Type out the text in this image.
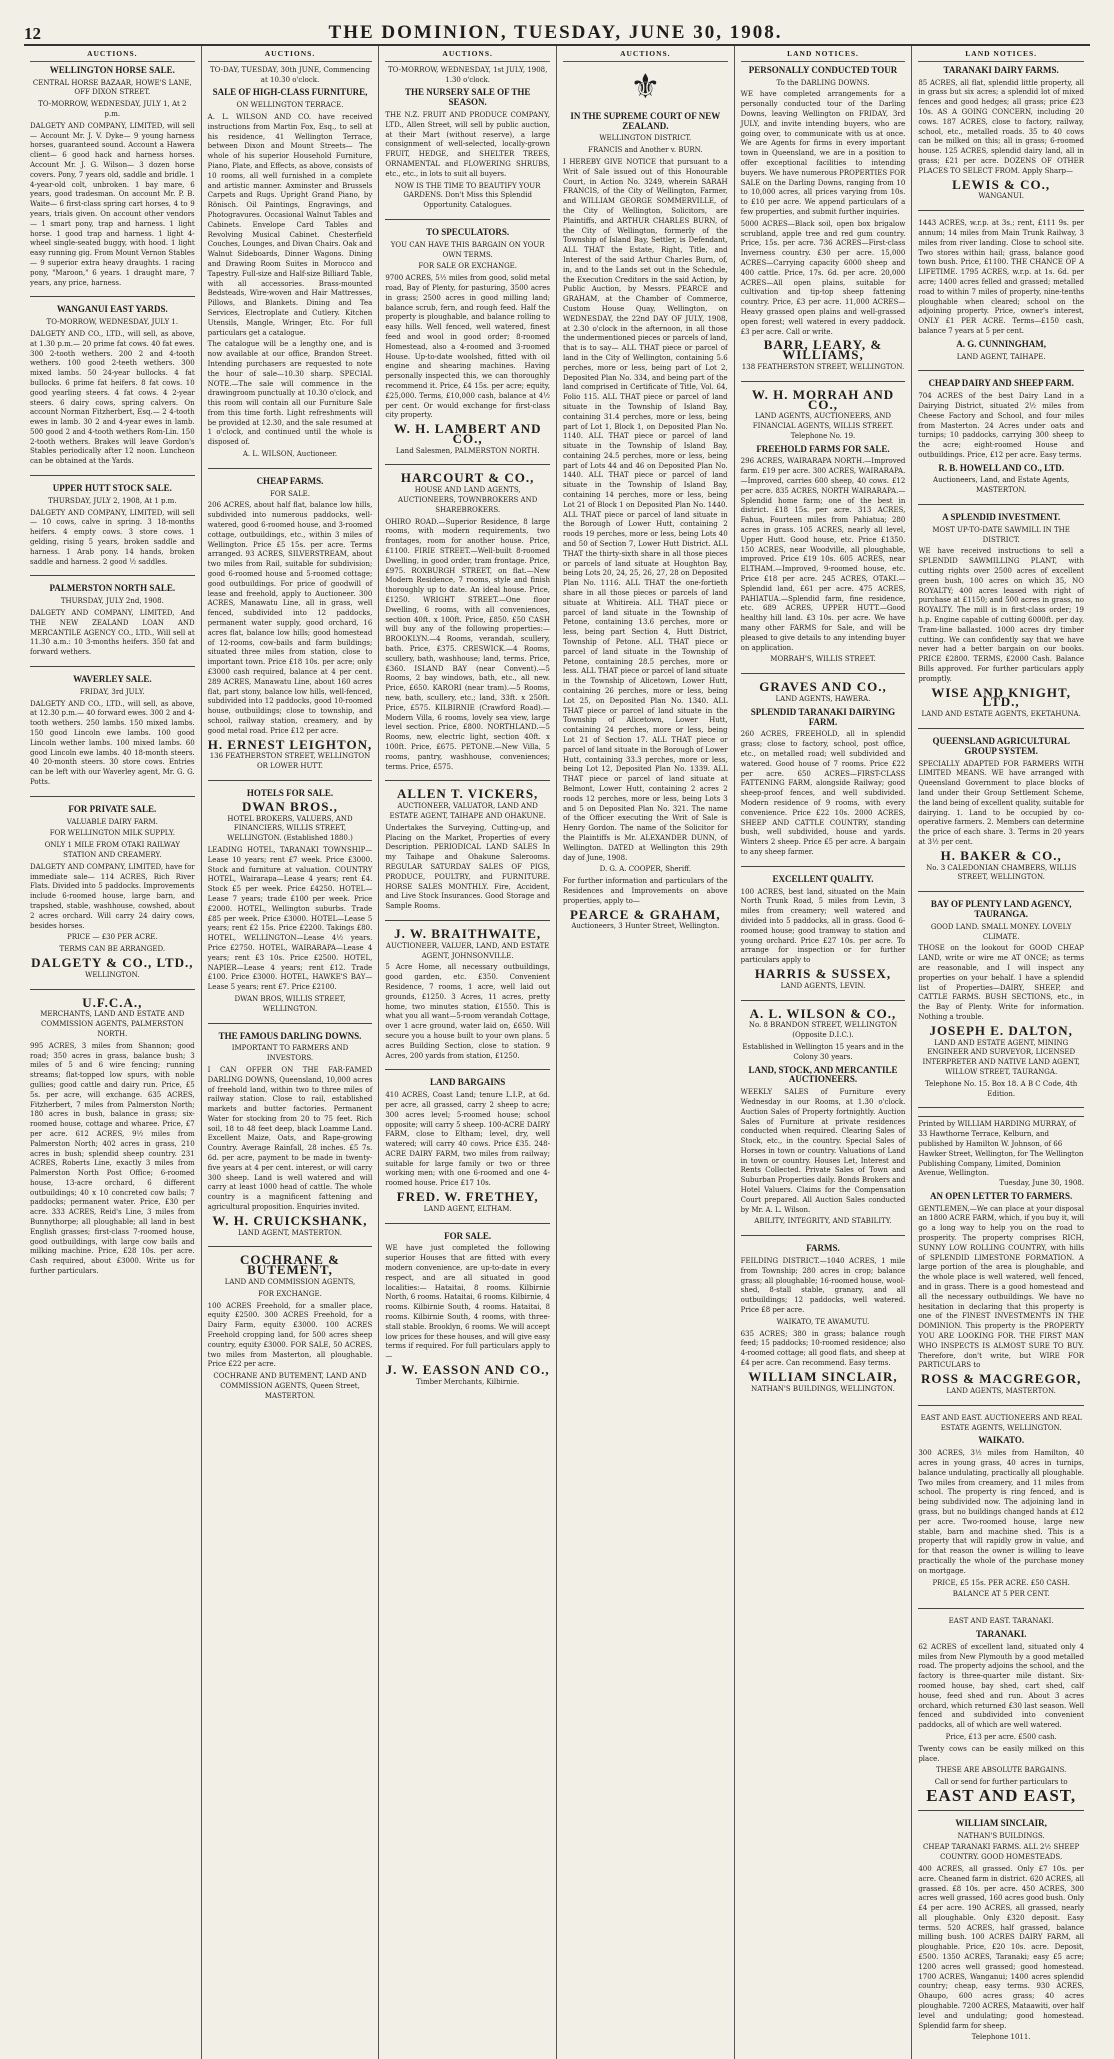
12	THE DOMINION, TUESDAY, JUNE 30, 1908.
AUCTIONS.
WELLINGTON HORSE SALE.
CENTRAL HORSE BAZAAR, HOWE'S LANE, OFF DIXON STREET.
TO-MORROW, WEDNESDAY, JULY 1, At 2 p.m.
DALGETY AND COMPANY, LIMITED, will sell— Account Mr. J. V. Dyke— 9 young harness horses, guaranteed sound. Account a Hawera client— 6 good hack and harness horses. Account Mr. J. G. Wilson— 3 dozen horse covers. Pony, 7 years old, saddle and bridle. 1 4-year-old colt, unbroken. 1 bay mare, 6 years, good tradesman. On account Mr. P. B. Waite— 6 first-class spring cart horses, 4 to 9 years, trials given. On account other vendors— 1 smart pony, trap and harness. 1 light horse. 1 good trap and harness. 1 light 4-wheel single-seated buggy, with hood. 1 light easy running gig. From Mount Vernon Stables— 9 superior extra heavy draughts. 1 racing pony, "Maroon," 6 years. 1 draught mare, 7 years, any price, harness.
WANGANUI EAST YARDS.
TO-MORROW, WEDNESDAY, JULY 1.
DALGETY AND CO., LTD., will sell, as above, at 1.30 p.m.— 20 prime fat cows. 40 fat ewes. 300 2-tooth wethers. 200 2 and 4-tooth wethers. 100 good 2-teeth wethers. 300 mixed lambs. 50 24-year bullocks. 4 fat bullocks. 6 prime fat heifers. 8 fat cows. 10 good yearling steers. 4 fat cows. 4 2-year steers. 6 dairy cows, spring calvers. On account Norman Fitzherbert, Esq.— 2 4-tooth ewes in lamb. 30 2 and 4-year ewes in lamb. 500 good 2 and 4-tooth wethers Rom-Lin. 150 2-tooth wethers. Brakes will leave Gordon's Stables periodically after 12 noon. Luncheon can be obtained at the Yards.
UPPER HUTT STOCK SALE.
THURSDAY, JULY 2, 1908, At 1 p.m.
DALGETY AND COMPANY, LIMITED, will sell— 10 cows, calve in spring. 3 18-months heifers. 4 empty cows. 3 store cows. 1 gelding, rising 5 years, broken saddle and harness. 1 Arab pony. 14 hands, broken saddle and harness. 2 good ½ saddles.
PALMERSTON NORTH SALE.
THURSDAY, JULY 2nd, 1908.
DALGETY AND COMPANY, LIMITED, And THE NEW ZEALAND LOAN AND MERCANTILE AGENCY CO., LTD., Will sell at 11.30 a.m.: 10 3-months heifers. 350 fat and forward wethers.
WAVERLEY SALE.
FRIDAY, 3rd JULY.
DALGETY AND CO., LTD., will sell, as above, at 12.30 p.m.— 40 forward ewes. 300 2 and 4-tooth wethers. 250 lambs. 150 mixed lambs. 150 good Lincoln ewe lambs. 100 good Lincoln wether lambs. 100 mixed lambs. 60 good Lincoln ewe lambs. 40 18-month steers. 40 20-month steers. 30 store cows. Entries can be left with our Waverley agent, Mr. G. G. Potts.
FOR PRIVATE SALE.
VALUABLE DAIRY FARM.
FOR WELLINGTON MILK SUPPLY.
ONLY 1 MILE FROM OTAKI RAILWAY STATION AND CREAMERY.
DALGETY AND COMPANY, LIMITED, have for immediate sale— 114 ACRES, Rich River Flats. Divided into 5 paddocks. Improvements include 6-roomed house, large barn, and trapshed, stable, washhouse, cowshed, about 2 acres orchard. Will carry 24 dairy cows, besides horses.
PRICE — £30 PER ACRE.
TERMS CAN BE ARRANGED.
DALGETY & CO., LTD.,
WELLINGTON.
U.F.C.A.,
MERCHANTS, LAND AND ESTATE AND COMMISSION AGENTS, PALMERSTON NORTH.
995 ACRES, 3 miles from Shannon; good road; 350 acres in grass, balance bush; 3 miles of 5 and 6 wire fencing; running streams; flat-topped low spurs, with noble gullies; good cattle and dairy run. Price, £5 5s. per acre, will exchange. 635 ACRES, Fitzherbert, 7 miles from Palmerston North; 180 acres in bush, balance in grass; six-roomed house, cottage and wharee. Price, £7 per acre. 612 ACRES, 9½ miles from Palmerston North; 402 acres in grass, 210 acres in bush; splendid sheep country. 231 ACRES, Roberts Line, exactly 3 miles from Palmerston North Post Office; 6-roomed house, 13-acre orchard, 6 different outbuildings; 40 x 10 concreted cow bails; 7 paddocks; permanent water. Price, £30 per acre. 333 ACRES, Reid's Line, 3 miles from Bunnythorpe; all ploughable; all land in best English grasses; first-class 7-roomed house, good outbuildings, with large cow bails and milking machine. Price, £28 10s. per acre. Cash required, about £3000. Write us for further particulars.
AUCTIONS.
TO-DAY, TUESDAY, 30th JUNE, Commencing at 10.30 o'clock.
SALE OF HIGH-CLASS FURNITURE,
ON WELLINGTON TERRACE.
A. L. WILSON AND CO. have received instructions from Martin Fox, Esq., to sell at his residence, 41 Wellington Terrace, between Dixon and Mount Streets— The whole of his superior Household Furniture, Piano, Plate, and Effects, as above, consists of 10 rooms, all well furnished in a complete and artistic manner. Axminster and Brussels Carpets and Rugs. Upright Grand Piano, by Rönisch. Oil Paintings, Engravings, and Photogravures. Occasional Walnut Tables and Cabinets. Envelope Card Tables and Revolving Musical Cabinet. Chesterfield Couches, Lounges, and Divan Chairs. Oak and Walnut Sideboards, Dinner Wagons. Dining and Drawing Room Suites in Morocco and Tapestry. Full-size and Half-size Billiard Table, with all accessories. Brass-mounted Bedsteads, Wire-woven and Hair Mattresses, Pillows, and Blankets. Dining and Tea Services, Electroplate and Cutlery. Kitchen Utensils, Mangle, Wringer, Etc. For full particulars get a catalogue.
The catalogue will be a lengthy one, and is now available at our office, Brandon Street. Intending purchasers are requested to note the hour of sale—10.30 sharp. SPECIAL NOTE.—The sale will commence in the drawingroom punctually at 10.30 o'clock, and this room will contain all our Furniture Sale from this time forth. Light refreshments will be provided at 12.30, and the sale resumed at 1 o'clock, and continued until the whole is disposed of.
A. L. WILSON, Auctioneer.
CHEAP FARMS.
FOR SALE.
206 ACRES, about half flat, balance low hills, subdivided into numerous paddocks, well-watered, good 6-roomed house, and 3-roomed cottage, outbuildings, etc., within 3 miles of Wellington. Price £5 15s. per acre. Terms arranged. 93 ACRES, SILVERSTREAM, about two miles from Rail, suitable for subdivision; good 6-roomed house and 5-roomed cottage; good outbuildings. For price of goodwill of lease and freehold, apply to Auctioneer. 300 ACRES, Manawatu Line, all in grass, well fenced, subdivided into 12 paddocks, permanent water supply, good orchard, 16 acres flat, balance low hills; good homestead of 12-rooms, cow-bails and farm buildings; situated three miles from station, close to important town. Price £18 10s. per acre; only £3000 cash required, balance at 4 per cent. 289 ACRES, Manawatu Line, about 160 acres flat, part stony, balance low hills, well-fenced, subdivided into 12 paddocks, good 10-roomed house, outbuildings; close to township, and school, railway station, creamery, and by good metal road. Price £12 per acre.
H. ERNEST LEIGHTON,
136 FEATHERSTON STREET, WELLINGTON OR LOWER HUTT.
HOTELS FOR SALE.
DWAN BROS.,
HOTEL BROKERS, VALUERS, AND FINANCIERS, WILLIS STREET, WELLINGTON. (Established 1880.)
LEADING HOTEL, TARANAKI TOWNSHIP—Lease 10 years; rent £7 week. Price £3000. Stock and furniture at valuation. COUNTRY HOTEL, Wairarapa—Lease 4 years; rent £4. Stock £5 per week. Price £4250. HOTEL—Lease 7 years; trade £100 per week. Price £2000. HOTEL, Wellington suburbs. Trade £85 per week. Price £3000. HOTEL—Lease 5 years; rent £2 15s. Price £2200. Takings £80. HOTEL, WELLINGTON—Lease 4½ years. Price £2750. HOTEL, WAIRARAPA—Lease 4 years; rent £3 10s. Price £2500. HOTEL, NAPIER—Lease 4 years; rent £12. Trade £100. Price £3000. HOTEL, HAWKE'S BAY—Lease 5 years; rent £7. Price £2100.
DWAN BROS, WILLIS STREET, WELLINGTON.
THE FAMOUS DARLING DOWNS.
IMPORTANT TO FARMERS AND INVESTORS.
I CAN OFFER ON THE FAR-FAMED DARLING DOWNS, Queensland, 10,000 acres of freehold land, within two to three miles of railway station. Close to rail, established markets and butter factories. Permanent Water for stocking from 20 to 75 feet. Rich soil, 18 to 48 feet deep, black Loamme Land. Excellent Maize, Oats, and Rape-growing Country. Average Rainfall, 28 inches. £5 7s. 6d. per acre, payment to be made in twenty-five years at 4 per cent. interest, or will carry 300 sheep. Land is well watered and will carry at least 1000 head of cattle. The whole country is a magnificent fattening and agricultural proposition. Enquiries invited.
W. H. CRUICKSHANK,
LAND AGENT, MASTERTON.
COCHRANE & BUTEMENT,
LAND AND COMMISSION AGENTS,
FOR EXCHANGE.
100 ACRES Freehold, for a smaller place, equity £2500. 300 ACRES Freehold, for a Dairy Farm, equity £3000. 100 ACRES Freehold cropping land, for 500 acres sheep country, equity £3000. FOR SALE, 50 ACRES, two miles from Masterton, all ploughable. Price £22 per acre.
COCHRANE AND BUTEMENT, LAND AND COMMISSION AGENTS, Queen Street, MASTERTON.
AUCTIONS.
TO-MORROW, WEDNESDAY, 1st JULY, 1908, 1.30 o'clock.
THE NURSERY SALE OF THE SEASON.
THE N.Z. FRUIT AND PRODUCE COMPANY, LTD., Allen Street, will sell by public auction, at their Mart (without reserve), a large consignment of well-selected, locally-grown FRUIT, HEDGE, and SHELTER TREES, ORNAMENTAL and FLOWERING SHRUBS, etc., etc., in lots to suit all buyers.
NOW IS THE TIME TO BEAUTIFY YOUR GARDENS. Don't Miss this Splendid Opportunity. Catalogues.
TO SPECULATORS.
YOU CAN HAVE THIS BARGAIN ON YOUR OWN TERMS.
FOR SALE OR EXCHANGE.
9700 ACRES, 5½ miles from good, solid metal road, Bay of Plenty, for pasturing, 3500 acres in grass; 2500 acres in good milling land; balance scrub, fern, and rough feed. Half the property is ploughable, and balance rolling to easy hills. Well fenced, well watered, finest feed and wool in good order; 8-roomed Homestead, also a 4-roomed and 3-roomed House. Up-to-date woolshed, fitted with oil engine and shearing machines. Having personally inspected this, we can thoroughly recommend it. Price, £4 15s. per acre; equity, £25,000. Terms, £10,000 cash, balance at 4½ per cent. Or would exchange for first-class city property.
W. H. LAMBERT AND CO.,
Land Salesmen, PALMERSTON NORTH.
HARCOURT & CO.,
HOUSE AND LAND AGENTS, AUCTIONEERS, TOWNBROKERS AND SHAREBROKERS.
OHIRO ROAD.—Superior Residence, 8 large rooms, with modern requirements, two frontages, room for another house. Price, £1100. FIRIE STREET.—Well-built 8-roomed Dwelling, in good order, tram frontage. Price, £975. ROXBURGH STREET, on flat.—New Modern Residence, 7 rooms, style and finish thoroughly up to date. An ideal house. Price, £1250. WRIGHT STREET.—One floor Dwelling, 6 rooms, with all conveniences, section 40ft. x 100ft. Price, £850. £50 CASH will buy any of the following properties:— BROOKLYN.—4 Rooms, verandah, scullery, bath. Price, £375. CRESWICK.—4 Rooms, scullery, bath, washhouse; land, terms. Price, £360. ISLAND BAY (near Convent).—5 Rooms, 2 bay windows, bath, etc., all new. Price, £650. KARORI (near tram).—5 Rooms, new, bath, scullery, etc.; land, 33ft. x 250ft. Price, £575. KILBIRNIE (Crawford Road).—Modern Villa, 6 rooms, lovely sea view, large level section. Price, £800. NORTHLAND.—5 Rooms, new, electric light, section 40ft. x 100ft. Price, £675. PETONE.—New Villa, 5 rooms, pantry, washhouse, conveniences; terms. Price, £575.
ALLEN T. VICKERS,
AUCTIONEER, VALUATOR, LAND AND ESTATE AGENT, TAIHAPE AND OHAKUNE.
Undertakes the Surveying, Cutting-up, and Placing on the Market, Properties of every Description. PERIODICAL LAND SALES In my Taihape and Ohakune Salerooms. REGULAR SATURDAY SALES OF PIGS, PRODUCE, POULTRY, and FURNITURE. HORSE SALES MONTHLY. Fire, Accident, and Live Stock Insurances. Good Storage and Sample Rooms.
J. W. BRAITHWAITE,
AUCTIONEER, VALUER, LAND, AND ESTATE AGENT, JOHNSONVILLE.
5 Acre Home, all necessary outbuildings, good garden, etc. £350. Convenient Residence, 7 rooms, 1 acre, well laid out grounds, £1250. 3 Acres, 11 acres, pretty home, two minutes station, £1550. This is what you all want—5-room verandah Cottage, over 1 acre ground, water laid on, £650. Will secure you a house built to your own plans. 5 acres Building Section, close to station. 9 Acres, 200 yards from station, £1250.
LAND BARGAINS
410 ACRES, Coast Land; tenure L.I.P., at 6d. per acre, all grassed, carry 2 sheep to acre; 300 acres level; 5-roomed house; school opposite; will carry 5 sheep. 100-ACRE DAIRY FARM, close to Eltham; level, dry, well watered; will carry 40 cows. Price £35. 248-ACRE DAIRY FARM, two miles from railway; suitable for large family or two or three working men; with one 6-roomed and one 4-roomed house. Price £17 10s.
FRED. W. FRETHEY,
LAND AGENT, ELTHAM.
FOR SALE.
WE have just completed the following superior Houses that are fitted with every modern convenience, are up-to-date in every respect, and are all situated in good localities:— Hataitai, 8 rooms. Kilbirnie North, 6 rooms. Hataitai, 6 rooms. Kilbirnie, 4 rooms. Kilbirnie South, 4 rooms. Hataitai, 8 rooms. Kilbirnie South, 4 rooms, with three-stall stable. Brooklyn, 6 rooms. We will accept low prices for these houses, and will give easy terms if required. For full particulars apply to—
J. W. EASSON AND CO.,
Timber Merchants, Kilbirnie.
AUCTIONS.
⚜
IN THE SUPREME COURT OF NEW ZEALAND.
WELLINGTON DISTRICT.
FRANCIS and Another v. BURN.
I HEREBY GIVE NOTICE that pursuant to a Writ of Sale issued out of this Honourable Court, in Action No. 3249, wherein SARAH FRANCIS, of the City of Wellington, Farmer, and WILLIAM GEORGE SOMMERVILLE, of the City of Wellington, Solicitors, are Plaintiffs, and ARTHUR CHARLES BURN, of the City of Wellington, formerly of the Township of Island Bay, Settler, is Defendant, ALL THAT the Estate, Right, Title, and Interest of the said Arthur Charles Burn, of, in, and to the Lands set out in the Schedule, the Execution Creditors in the said Action, by Public Auction, by Messrs. PEARCE and GRAHAM, at the Chamber of Commerce, Custom House Quay, Wellington, on WEDNESDAY, the 22nd DAY OF JULY, 1908, at 2.30 o'clock in the afternoon, in all those the undermentioned pieces or parcels of land, that is to say— ALL THAT piece or parcel of land in the City of Wellington, containing 5.6 perches, more or less, being part of Lot 2, Deposited Plan No. 334, and being part of the land comprised in Certificate of Title, Vol. 64, Folio 115. ALL THAT piece or parcel of land situate in the Township of Island Bay, containing 31.4 perches, more or less, being part of Lot 1, Block 1, on Deposited Plan No. 1140. ALL THAT piece or parcel of land situate in the Township of Island Bay, containing 24.5 perches, more or less, being part of Lots 44 and 46 on Deposited Plan No. 1440. ALL THAT piece or parcel of land situate in the Township of Island Bay, containing 14 perches, more or less, being Lot 21 of Block 1 on Deposited Plan No. 1440. ALL THAT piece or parcel of land situate in the Borough of Lower Hutt, containing 2 roods 19 perches, more or less, being Lots 40 and 50 of Section 7, Lower Hutt District. ALL THAT the thirty-sixth share in all those pieces or parcels of land situate at Houghton Bay, being Lots 20, 24, 25, 26, 27, 28 on Deposited Plan No. 1116. ALL THAT the one-fortieth share in all those pieces or parcels of land situate at Whitireia. ALL THAT piece or parcel of land situate in the Township of Petone, containing 13.6 perches, more or less, being part Section 4, Hutt District, Township of Petone. ALL THAT piece or parcel of land situate in the Township of Petone, containing 28.5 perches, more or less. ALL THAT piece or parcel of land situate in the Township of Alicetown, Lower Hutt, containing 26 perches, more or less, being Lot 25, on Deposited Plan No. 1340. ALL THAT piece or parcel of land situate in the Township of Alicetown, Lower Hutt, containing 24 perches, more or less, being Lot 21 of Section 17. ALL THAT piece or parcel of land situate in the Borough of Lower Hutt, containing 33.3 perches, more or less, being Lot 12, Deposited Plan No. 1339. ALL THAT piece or parcel of land situate at Belmont, Lower Hutt, containing 2 acres 2 roods 12 perches, more or less, being Lots 3 and 5 on Deposited Plan No. 321. The name of the Officer executing the Writ of Sale is Henry Gordon. The name of the Solicitor for the Plaintiffs is Mr. ALEXANDER DUNN, of Wellington. DATED at Wellington this 29th day of June, 1908.
D. G. A. COOPER, Sheriff.
For further information and particulars of the Residences and Improvements on above properties, apply to—
PEARCE & GRAHAM,
Auctioneers, 3 Hunter Street, Wellington.
LAND NOTICES.
PERSONALLY CONDUCTED TOUR
To the DARLING DOWNS.
WE have completed arrangements for a personally conducted tour of the Darling Downs, leaving Wellington on FRIDAY, 3rd JULY, and invite intending buyers, who are going over, to communicate with us at once. We are Agents for firms in every important town in Queensland, we are in a position to offer exceptional facilities to intending buyers. We have numerous PROPERTIES FOR SALE on the Darling Downs, ranging from 10 to 10,000 acres, all prices varying from 10s. to £10 per acre. We append particulars of a few properties, and submit further inquiries.
5000 ACRES—Black soil, open box brigalow scrubland, apple tree and red gum country. Price, 15s. per acre. 736 ACRES—First-class Inverness country. £30 per acre. 15,000 ACRES—Carrying capacity 6000 sheep and 400 cattle. Price, 17s. 6d. per acre. 20,000 ACRES—All open plains, suitable for cultivation and tip-top sheep fattening country. Price, £3 per acre. 11,000 ACRES—Heavy grassed open plains and well-grassed open forest; well watered in every paddock. £3 per acre. Call or write.
BARR, LEARY, & WILLIAMS,
138 FEATHERSTON STREET, WELLINGTON.
W. H. MORRAH AND CO.,
LAND AGENTS, AUCTIONEERS, AND FINANCIAL AGENTS, WILLIS STREET. Telephone No. 19.
FREEHOLD FARMS FOR SALE.
296 ACRES, WAIRARAPA NORTH.—Improved farm. £19 per acre. 300 ACRES, WAIRARAPA.—Improved, carries 600 sheep, 40 cows. £12 per acre. 835 ACRES, NORTH WAIRARAPA.—Splendid home farm; one of the best in district. £18 15s. per acre. 313 ACRES, Fahua, Fourteen miles from Pahiatua; 280 acres in grass. 105 ACRES, nearly all level, Upper Hutt. Good house, etc. Price £1350. 150 ACRES, near Woodville, all ploughable, improved. Price £19 10s. 605 ACRES, near ELTHAM.—Improved, 9-roomed house, etc. Price £18 per acre. 245 ACRES, OTAKI.—Splendid land, £61 per acre. 475 ACRES, PAHIATUA.—Splendid farm, fine residence, etc. 689 ACRES, UPPER HUTT.—Good healthy hill land. £3 10s. per acre. We have many other FARMS for Sale, and will be pleased to give details to any intending buyer on application.
MORRAH'S, WILLIS STREET.
GRAVES AND CO.,
LAND AGENTS, HAWERA.
SPLENDID TARANAKI DAIRYING FARM.
260 ACRES, FREEHOLD, all in splendid grass; close to factory, school, post office, etc., on metalled road; well subdivided and watered. Good house of 7 rooms. Price £22 per acre. 650 ACRES—FIRST-CLASS FATTENING FARM, alongside Railway; good sheep-proof fences, and well subdivided. Modern residence of 9 rooms, with every convenience. Price £22 10s. 2000 ACRES, SHEEP AND CATTLE COUNTRY, standing bush, well subdivided, house and yards. Winters 2 sheep. Price £5 per acre. A bargain to any sheep farmer.
EXCELLENT QUALITY.
100 ACRES, best land, situated on the Main North Trunk Road, 5 miles from Levin, 3 miles from creamery; well watered and divided into 5 paddocks, all in grass. Good 6-roomed house; good tramway to station and young orchard. Price £27 10s. per acre. To arrange for inspection or for further particulars apply to
HARRIS & SUSSEX,
LAND AGENTS, LEVIN.
A. L. WILSON & CO.,
No. 8 BRANDON STREET, WELLINGTON (Opposite D.I.C.).
Established in Wellington 15 years and in the Colony 30 years.
LAND, STOCK, AND MERCANTILE AUCTIONEERS.
WEEKLY SALES of Furniture every Wednesday in our Rooms, at 1.30 o'clock. Auction Sales of Property fortnightly. Auction Sales of Furniture at private residences conducted when required. Clearing Sales of Stock, etc., in the country. Special Sales of Horses in town or country. Valuations of Land in town or country. Houses Let, Interest and Rents Collected. Private Sales of Town and Suburban Properties daily. Bonds Brokers and Hotel Valuers. Claims for the Compensation Court prepared. All Auction Sales conducted by Mr. A. L. Wilson.
ABILITY, INTEGRITY, AND STABILITY.
FARMS.
FEILDING DISTRICT.—1040 ACRES, 1 mile from Township; 280 acres in crop; balance grass; all ploughable; 16-roomed house, wool-shed, 8-stall stable, granary, and all outbuildings; 12 paddocks, well watered. Price £8 per acre.
WAIKATO, TE AWAMUTU.
635 ACRES; 380 in grass; balance rough feed; 15 paddocks; 10-roomed residence; also 4-roomed cottage; all good flats, and sheep at £4 per acre. Can recommend. Easy terms.
WILLIAM SINCLAIR,
NATHAN'S BUILDINGS, WELLINGTON.
LAND NOTICES.
TARANAKI DAIRY FARMS.
85 ACRES, all flat, splendid little property, all in grass but six acres; a splendid lot of mixed fences and good hedges; all grass; price £23 10s. AS A GOING CONCERN, including 20 cows. 187 ACRES, close to factory, railway, school, etc., metalled roads. 35 to 40 cows can be milked on this; all in grass; 6-roomed house. 125 ACRES, splendid dairy land, all in grass; £21 per acre. DOZENS OF OTHER PLACES TO SELECT FROM. Apply Sharp—
LEWIS & CO.,
WANGANUI.
1443 ACRES, w.r.p. at 3s.; rent, £111 9s. per annum; 14 miles from Main Trunk Railway, 3 miles from river landing. Close to school site. Two stores within hail; grass, balance good town bush. Price, £1100. THE CHANCE OF A LIFETIME. 1795 ACRES, w.r.p. at 1s. 6d. per acre; 1400 acres felled and grassed; metalled road to within 7 miles of property, nine-tenths ploughable when cleared; school on the adjoining property. Price, owner's interest, ONLY £1 PER ACRE. Terms—£150 cash, balance 7 years at 5 per cent.
A. G. CUNNINGHAM,
LAND AGENT, TAIHAPE.
CHEAP DAIRY AND SHEEP FARM.
704 ACRES of the best Dairy Land in a Dairying District, situated 2½ miles from Cheese Factory and School, and four miles from Masterton. 24 Acres under oats and turnips; 10 paddocks, carrying 300 sheep to the acre; eight-roomed House and outbuildings. Price, £12 per acre. Easy terms.
R. B. HOWELL AND CO., LTD.
Auctioneers, Land, and Estate Agents, MASTERTON.
A SPLENDID INVESTMENT.
MOST UP-TO-DATE SAWMILL IN THE DISTRICT.
WE have received instructions to sell a SPLENDID SAWMILLING PLANT, with cutting rights over 2500 acres of excellent green bush, 100 acres on which 35, NO ROYALTY; 400 acres leased with right of purchase at £1150; and 500 acres in grass, no ROYALTY. The mill is in first-class order; 19 h.p. Engine capable of cutting 6000ft. per day. Tram-line ballasted. 1000 acres dry timber cutting. We can confidently say that we have never had a better bargain on our books. PRICE £2800. TERMS, £2000 Cash. Balance Bills approved. For further particulars apply promptly.
WISE AND KNIGHT, LTD.,
LAND AND ESTATE AGENTS, EKETAHUNA.
QUEENSLAND AGRICULTURAL GROUP SYSTEM.
SPECIALLY ADAPTED FOR FARMERS WITH LIMITED MEANS. WE have arranged with Queensland Government to place blocks of land under their Group Settlement Scheme, the land being of excellent quality, suitable for dairying. 1. Land to be occupied by co-operative farmers. 2. Members can determine the price of each share. 3. Terms in 20 years at 3½ per cent.
H. BAKER & CO.,
No. 3 CALEDONIAN CHAMBERS, WILLIS STREET, WELLINGTON.
BAY OF PLENTY LAND AGENCY, TAURANGA.
GOOD LAND. SMALL MONEY. LOVELY CLIMATE.
THOSE on the lookout for GOOD CHEAP LAND, write or wire me AT ONCE; as terms are reasonable, and I will inspect any properties on your behalf. I have a splendid list of Properties—DAIRY, SHEEP, and CATTLE FARMS. BUSH SECTIONS, etc., in the Bay of Plenty. Write for information. Nothing a trouble.
JOSEPH E. DALTON,
LAND AND ESTATE AGENT, MINING ENGINEER AND SURVEYOR, LICENSED INTERPRETER AND NATIVE LAND AGENT, WILLOW STREET, TAURANGA.
Telephone No. 15. Box 18. A B C Code, 4th Edition.
Printed by WILLIAM HARDING MURRAY, of 33 Hawthorne Terrace, Kelburn, and published by Hamilton W. Johnson, of 66 Hawker Street, Wellington, for The Wellington Publishing Company, Limited, Dominion Avenue, Wellington.
Tuesday, June 30, 1908.
AN OPEN LETTER TO FARMERS.
GENTLEMEN,—We can place at your disposal an 1800 ACRE FARM, which, if you buy it, will go a long way to help you on the road to prosperity. The property comprises RICH, SUNNY LOW ROLLING COUNTRY, with hills of SPLENDID LIMESTONE FORMATION. A large portion of the area is ploughable, and the whole place is well watered, well fenced, and in grass. There is a good homestead and all the necessary outbuildings. We have no hesitation in declaring that this property is one of the FINEST INVESTMENTS IN THE DOMINION. This property is the PROPERTY YOU ARE LOOKING FOR. THE FIRST MAN WHO INSPECTS IS ALMOST SURE TO BUY. Therefore, don't write, but WIRE FOR PARTICULARS to
ROSS & MACGREGOR,
LAND AGENTS, MASTERTON.
EAST AND EAST. AUCTIONEERS AND REAL ESTATE AGENTS, WELLINGTON.
WAIKATO.
300 ACRES, 3½ miles from Hamilton, 40 acres in young grass, 40 acres in turnips, balance undulating, practically all ploughable. Two miles from creamery, and 11 miles from school. The property is ring fenced, and is being subdivided now. The adjoining land in grass, but no buildings changed hands at £12 per acre. Two-roomed house, large new stable, barn and machine shed. This is a property that will rapidly grow in value, and for that reason the owner is willing to leave practically the whole of the purchase money on mortgage.
PRICE, £5 15s. PER ACRE. £50 CASH.
BALANCE AT 5 PER CENT.
EAST AND EAST. TARANAKI.
TARANAKI.
62 ACRES of excellent land, situated only 4 miles from New Plymouth by a good metalled road. The property adjoins the school, and the factory is three-quarter mile distant. Six-roomed house, bay shed, cart shed, calf house, feed shed and run. About 3 acres orchard, which returned £30 last season. Well fenced and subdivided into convenient paddocks, all of which are well watered.
Price, £13 per acre. £500 cash.
Twenty cows can be easily milked on this place.
THESE ARE ABSOLUTE BARGAINS.
Call or send for further particulars to
EAST AND EAST,
WILLIAM SINCLAIR,
NATHAN'S BUILDINGS.
CHEAP TARANAKI FARMS. ALL 2½ SHEEP COUNTRY. GOOD HOMESTEADS.
400 ACRES, all grassed. Only £7 10s. per acre. Cheaned farm in district. 620 ACRES, all grassed. £8 10s. per acre. 450 ACRES, 300 acres well grassed, 160 acres good bush. Only £4 per acre. 190 ACRES, all grassed, nearly all ploughable. Only £320 deposit. Easy terms. 520 ACRES, half grassed, balance milling bush. 100 ACRES DAIRY FARM, all ploughable. Price, £20 10s. acre. Deposit, £500. 1350 ACRES, Taranaki; easy £5 acre; 1200 acres well grassed; good homestead. 1700 ACRES, Wanganui; 1400 acres splendid country; cheap, easy terms. 930 ACRES, Ohaupo, 600 acres grass; 40 acres ploughable. 7200 ACRES, Mataawiti, over half level and undulating; good homestead. Splendid farm for sheep.
Telephone 1011.
